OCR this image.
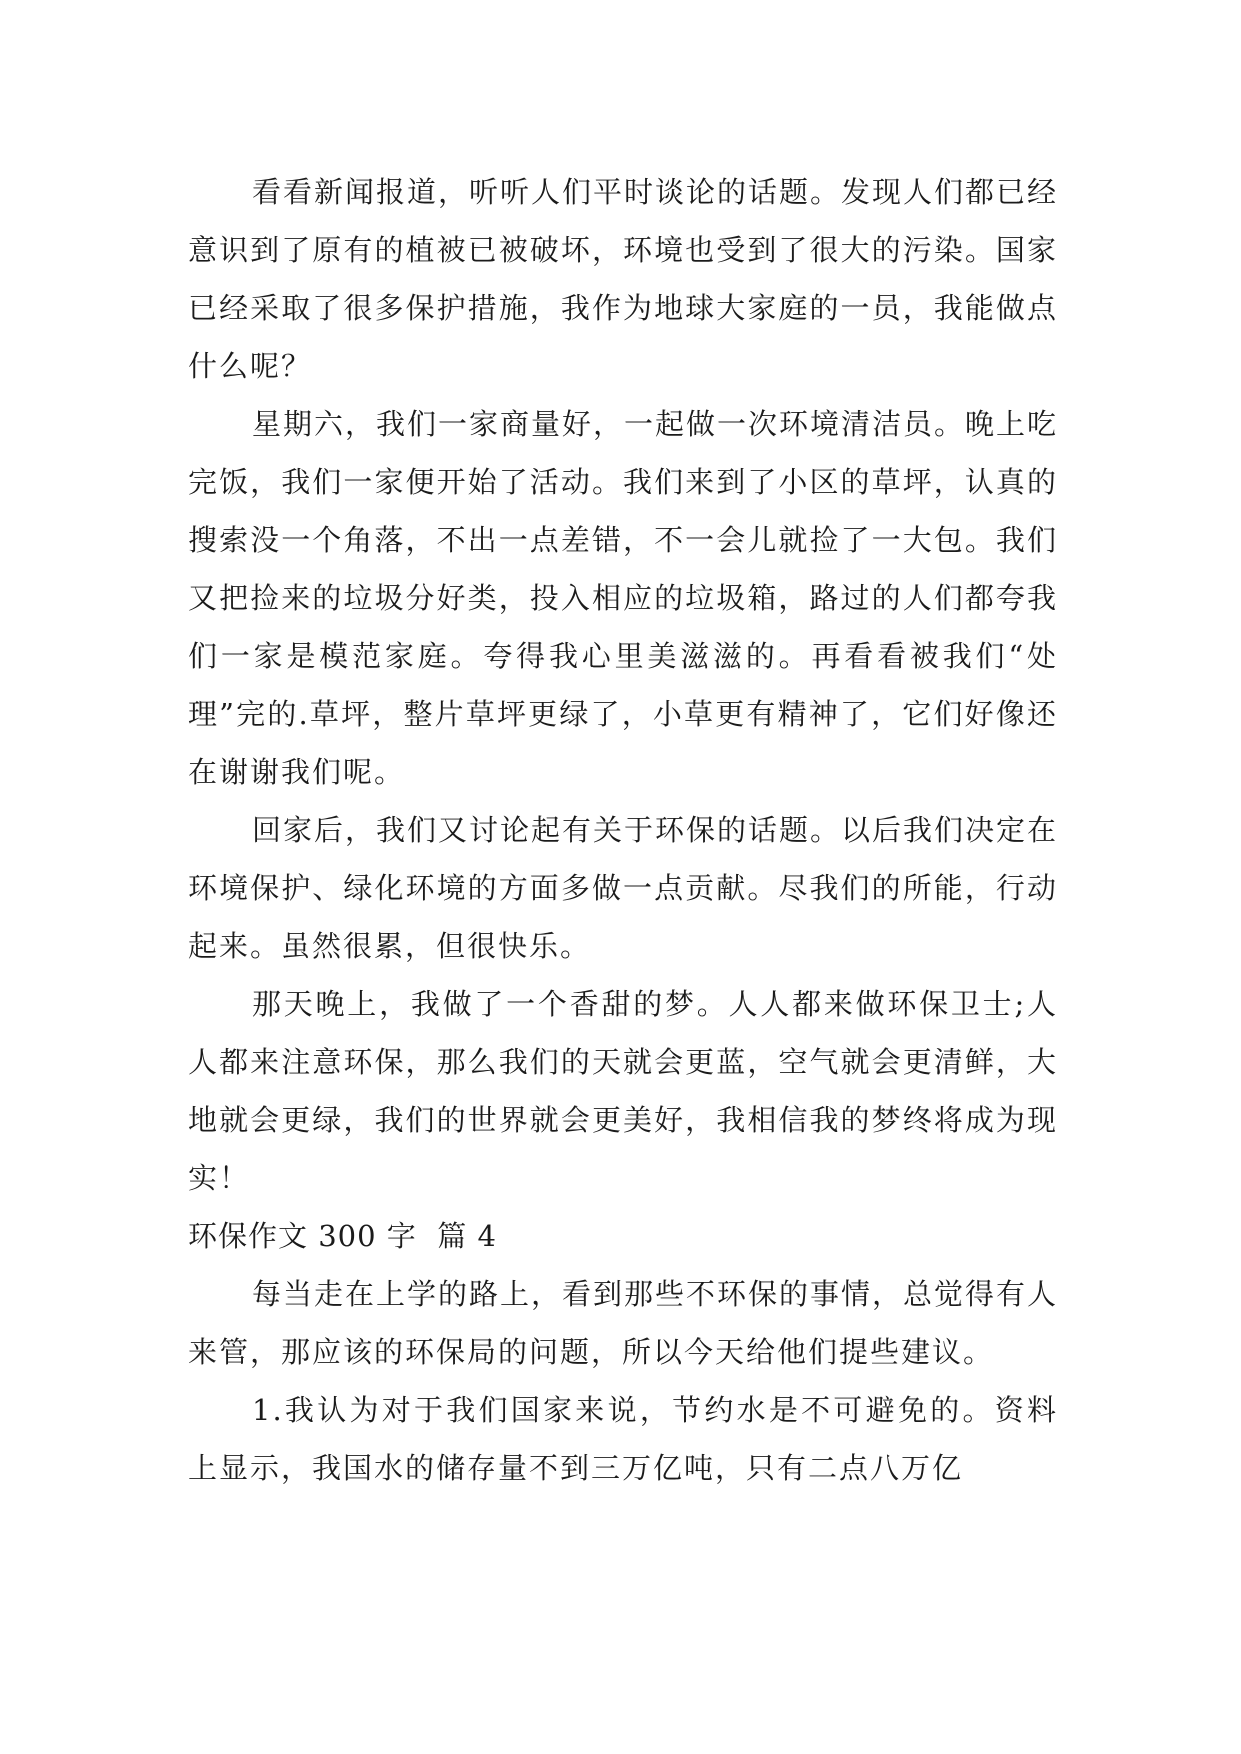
看看新闻报道，听听人们平时谈论的话题。发现人们都已经意识到了原有的植被已被破坏，环境也受到了很大的污染。国家已经采取了很多保护措施，我作为地球大家庭的一员，我能做点什么呢？

星期六，我们一家商量好，一起做一次环境清洁员。晚上吃完饭，我们一家便开始了活动。我们来到了小区的草坪，认真的搜索没一个角落，不出一点差错，不一会儿就捡了一大包。我们又把捡来的垃圾分好类，投入相应的垃圾箱，路过的人们都夸我们一家是模范家庭。夸得我心里美滋滋的。再看看被我们“处理”完的.草坪，整片草坪更绿了，小草更有精神了，它们好像还在谢谢我们呢。

回家后，我们又讨论起有关于环保的话题。以后我们决定在环境保护、绿化环境的方面多做一点贡献。尽我们的所能，行动起来。虽然很累，但很快乐。

那天晚上，我做了一个香甜的梦。人人都来做环保卫士;人人都来注意环保，那么我们的天就会更蓝，空气就会更清鲜，大地就会更绿，我们的世界就会更美好，我相信我的梦终将成为现实！

环保作文 300 字  篇 4

每当走在上学的路上，看到那些不环保的事情，总觉得有人来管，那应该的环保局的问题，所以今天给他们提些建议。

1.我认为对于我们国家来说，节约水是不可避免的。资料上显示，我国水的储存量不到三万亿吨，只有二点八万亿
